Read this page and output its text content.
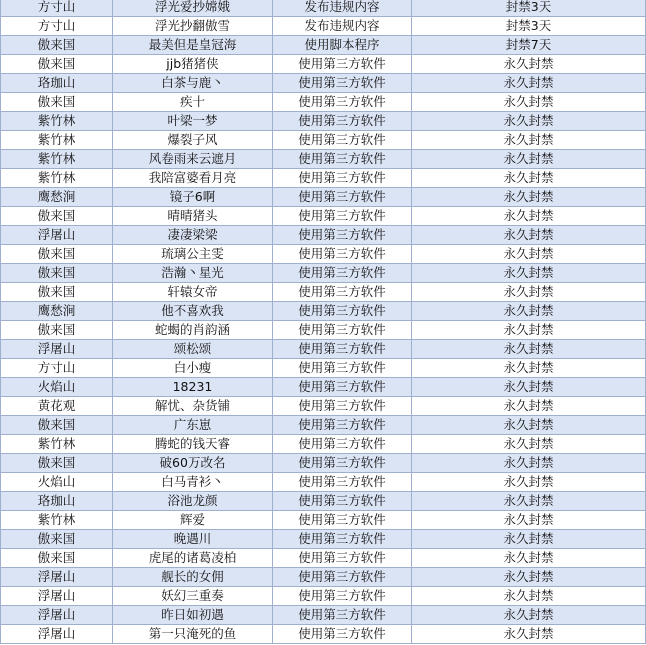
方寸山	浮光爱抄嫦娥	发布违规内容	封禁3天
方寸山	浮光抄翻傲雪	发布违规内容	封禁3天
傲来国	最美但是皇冠海	使用脚本程序	封禁7天
傲来国	jjb猪猪侠	使用第三方软件	永久封禁
珞珈山	白茶与鹿丶	使用第三方软件	永久封禁
傲来国	疾十	使用第三方软件	永久封禁
紫竹林	叶梁一梦	使用第三方软件	永久封禁
紫竹林	爆裂子风	使用第三方软件	永久封禁
紫竹林	风卷雨来云遮月	使用第三方软件	永久封禁
紫竹林	我陪富婆看月亮	使用第三方软件	永久封禁
鹰愁涧	镜子6啊	使用第三方软件	永久封禁
傲来国	晴晴猪头	使用第三方软件	永久封禁
浮屠山	凄凄梁梁	使用第三方软件	永久封禁
傲来国	琉璃公主雯	使用第三方软件	永久封禁
傲来国	浩瀚丶星光	使用第三方软件	永久封禁
傲来国	轩辕女帝	使用第三方软件	永久封禁
鹰愁涧	他不喜欢我	使用第三方软件	永久封禁
傲来国	蛇蝎的肖韵涵	使用第三方软件	永久封禁
浮屠山	颂松颂	使用第三方软件	永久封禁
方寸山	白小瘦	使用第三方软件	永久封禁
火焰山	18231	使用第三方软件	永久封禁
黄花观	解忧、杂货铺	使用第三方软件	永久封禁
傲来国	广东崽	使用第三方软件	永久封禁
紫竹林	腾蛇的钱天睿	使用第三方软件	永久封禁
傲来国	破60万改名	使用第三方软件	永久封禁
火焰山	白马青衫丶	使用第三方软件	永久封禁
珞珈山	浴池龙颜	使用第三方软件	永久封禁
紫竹林	辉爱	使用第三方软件	永久封禁
傲来国	晚遇川	使用第三方软件	永久封禁
傲来国	虎尾的诸葛凌柏	使用第三方软件	永久封禁
浮屠山	舰长的女佣	使用第三方软件	永久封禁
浮屠山	妖幻三重奏	使用第三方软件	永久封禁
浮屠山	昨日如初遇	使用第三方软件	永久封禁
浮屠山	第一只淹死的鱼	使用第三方软件	永久封禁
